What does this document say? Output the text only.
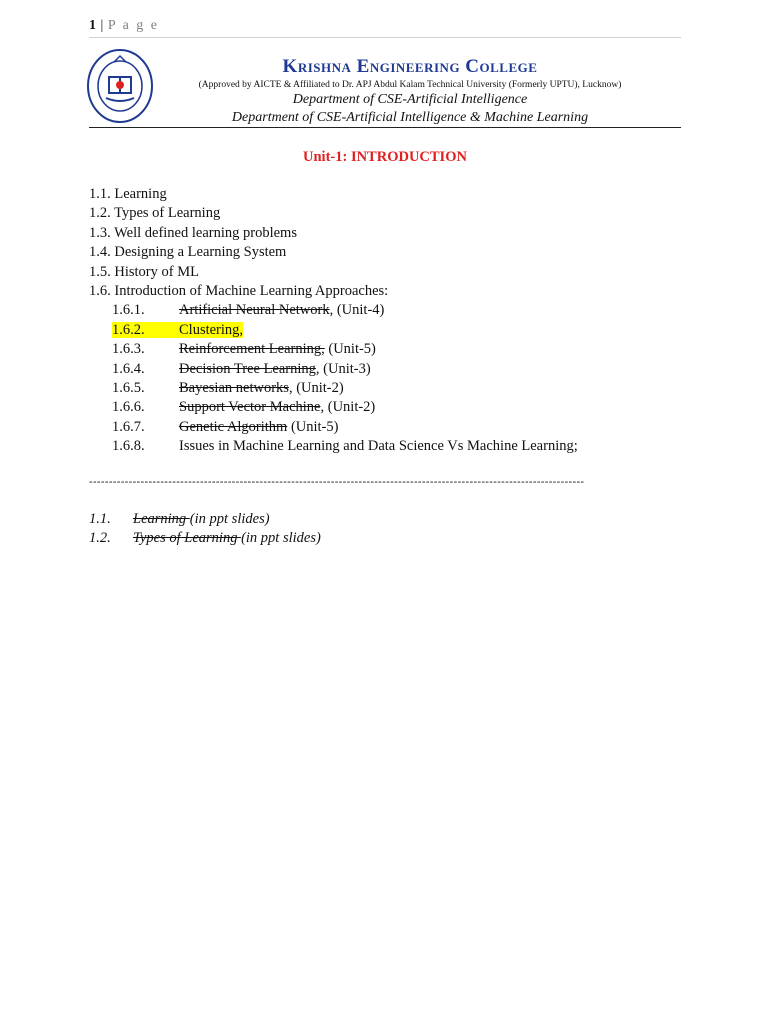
1 | P a g e
Krishna Engineering College
(Approved by AICTE & Affiliated to Dr. APJ Abdul Kalam Technical University (Formerly UPTU), Lucknow)
Department of CSE-Artificial Intelligence
Department of CSE-Artificial Intelligence & Machine Learning
Unit-1: INTRODUCTION
1.1. Learning
1.2. Types of Learning
1.3. Well defined learning problems
1.4. Designing a Learning System
1.5. History of ML
1.6. Introduction of Machine Learning Approaches:
1.6.1. Artificial Neural Network, (Unit-4)
1.6.2. Clustering,
1.6.3. Reinforcement Learning, (Unit-5)
1.6.4. Decision Tree Learning, (Unit-3)
1.6.5. Bayesian networks, (Unit-2)
1.6.6. Support Vector Machine, (Unit-2)
1.6.7. Genetic Algorithm (Unit-5)
1.6.8. Issues in Machine Learning and Data Science Vs Machine Learning;
-----------------------------------------------------------------------------------------------------------------------------
1.1. Learning (in ppt slides)
1.2. Types of Learning (in ppt slides)
